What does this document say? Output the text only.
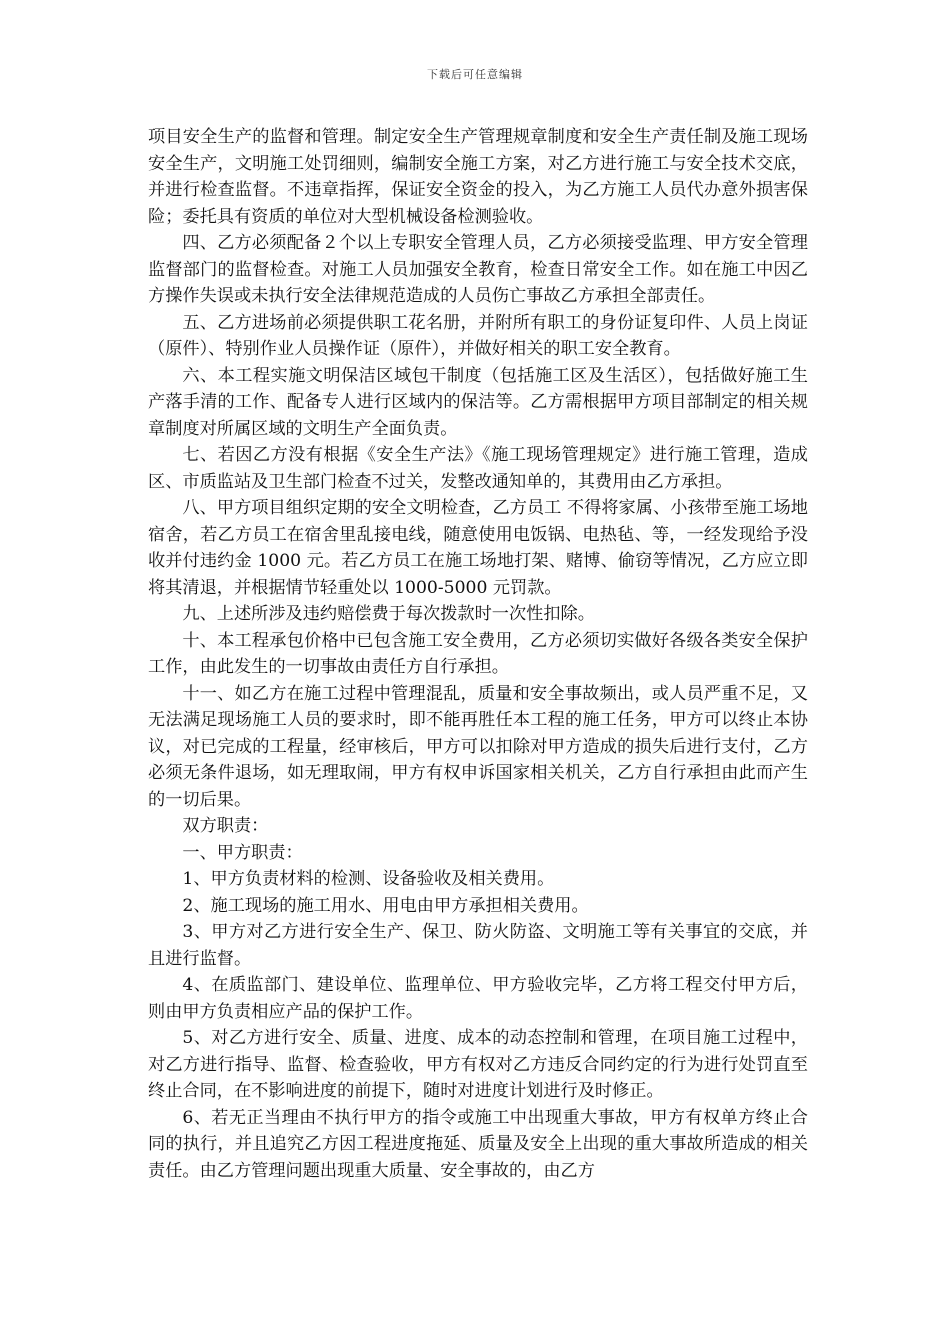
下载后可任意编辑

项目安全生产的监督和管理。制定安全生产管理规章制度和安全生产责任制及施工现场安全生产，文明施工处罚细则，编制安全施工方案，对乙方进行施工与安全技术交底，并进行检查监督。不违章指挥，保证安全资金的投入，为乙方施工人员代办意外损害保险；委托具有资质的单位对大型机械设备检测验收。

四、乙方必须配备２个以上专职安全管理人员，乙方必须接受监理、甲方安全管理监督部门的监督检查。对施工人员加强安全教育，检查日常安全工作。如在施工中因乙方操作失误或未执行安全法律规范造成的人员伤亡事故乙方承担全部责任。

五、乙方进场前必须提供职工花名册，并附所有职工的身份证复印件、人员上岗证（原件）、特别作业人员操作证（原件），并做好相关的职工安全教育。

六、本工程实施文明保洁区域包干制度（包括施工区及生活区），包括做好施工生产落手清的工作、配备专人进行区域内的保洁等。乙方需根据甲方项目部制定的相关规章制度对所属区域的文明生产全面负责。

七、若因乙方没有根据《安全生产法》《施工现场管理规定》进行施工管理，造成区、市质监站及卫生部门检查不过关，发整改通知单的，其费用由乙方承担。

八、甲方项目组织定期的安全文明检查，乙方员工 不得将家属、小孩带至施工场地宿舍，若乙方员工在宿舍里乱接电线，随意使用电饭锅、电热毡、等，一经发现给予没收并付违约金 1000 元。若乙方员工在施工场地打架、赌博、偷窃等情况，乙方应立即将其清退，并根据情节轻重处以 1000-5000 元罚款。

九、上述所涉及违约赔偿费于每次拨款时一次性扣除。

十、本工程承包价格中已包含施工安全费用，乙方必须切实做好各级各类安全保护工作，由此发生的一切事故由责任方自行承担。

十一、如乙方在施工过程中管理混乱，质量和安全事故频出，或人员严重不足，又无法满足现场施工人员的要求时，即不能再胜任本工程的施工任务，甲方可以终止本协议，对已完成的工程量，经审核后，甲方可以扣除对甲方造成的损失后进行支付，乙方必须无条件退场，如无理取闹，甲方有权申诉国家相关机关，乙方自行承担由此而产生的一切后果。

双方职责：

一、甲方职责：

1、甲方负责材料的检测、设备验收及相关费用。

2、施工现场的施工用水、用电由甲方承担相关费用。

3、甲方对乙方进行安全生产、保卫、防火防盗、文明施工等有关事宜的交底，并且进行监督。

4、在质监部门、建设单位、监理单位、甲方验收完毕，乙方将工程交付甲方后，则由甲方负责相应产品的保护工作。

5、对乙方进行安全、质量、进度、成本的动态控制和管理，在项目施工过程中，对乙方进行指导、监督、检查验收，甲方有权对乙方违反合同约定的行为进行处罚直至终止合同，在不影响进度的前提下，随时对进度计划进行及时修正。

6、若无正当理由不执行甲方的指令或施工中出现重大事故，甲方有权单方终止合同的执行，并且追究乙方因工程进度拖延、质量及安全上出现的重大事故所造成的相关责任。由乙方管理问题出现重大质量、安全事故的，由乙方
